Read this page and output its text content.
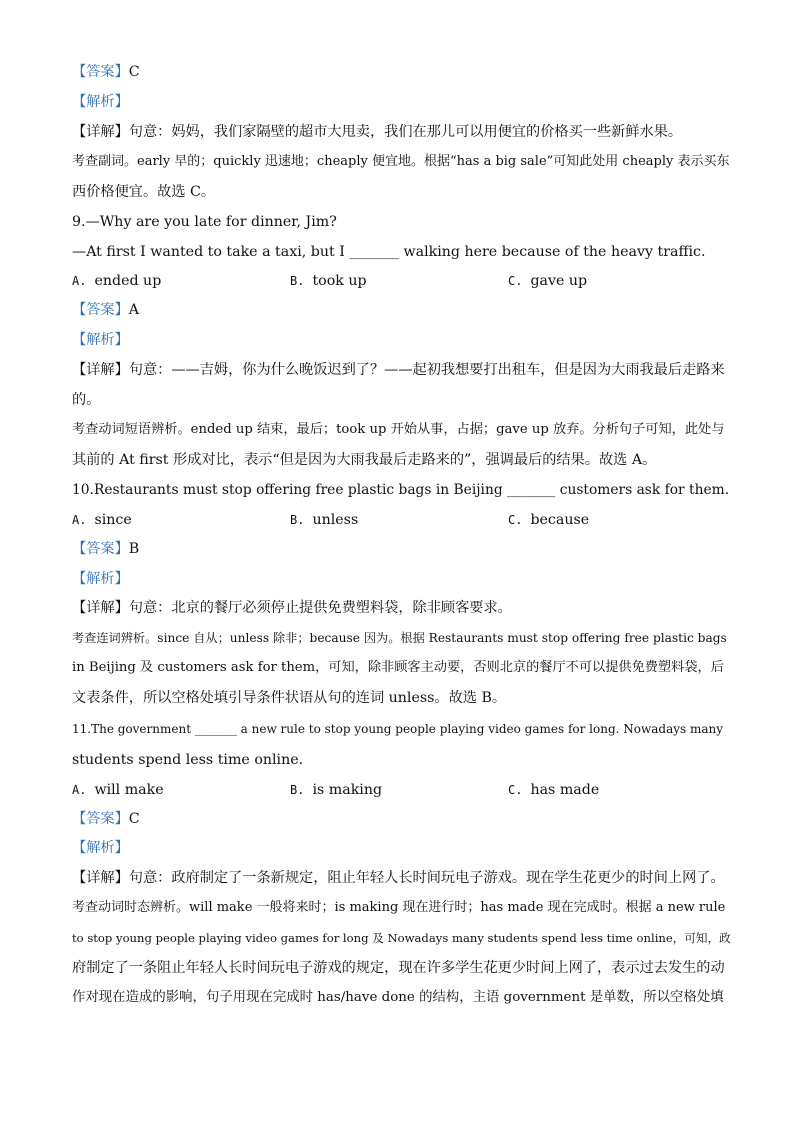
【答案】C
【解析】
【详解】句意：妈妈，我们家隔壁的超市大甩卖，我们在那儿可以用便宜的价格买一些新鲜水果。
考查副词。early 早的；quickly 迅速地；cheaply 便宜地。根据“has a big sale”可知此处用 cheaply 表示买东
西价格便宜。故选 C。
9.—Why are you late for dinner, Jim?
—At first I wanted to take a taxi, but I _______ walking here because of the heavy traffic.
A. ended up	B. took up	C. gave up
【答案】A
【解析】
【详解】句意：——吉姆，你为什么晚饭迟到了？——起初我想要打出租车，但是因为大雨我最后走路来
的。
考查动词短语辨析。ended up 结束，最后；took up 开始从事，占据；gave up 放弃。分析句子可知，此处与
其前的 At first 形成对比，表示“但是因为大雨我最后走路来的”，强调最后的结果。故选 A。
10.Restaurants must stop offering free plastic bags in Beijing _______ customers ask for them.
A. since	B. unless	C. because
【答案】B
【解析】
【详解】句意：北京的餐厅必须停止提供免费塑料袋，除非顾客要求。
考查连词辨析。since 自从；unless 除非；because 因为。根据 Restaurants must stop offering free plastic bags
in Beijing 及 customers ask for them，可知，除非顾客主动要，否则北京的餐厅不可以提供免费塑料袋，后
文表条件，所以空格处填引导条件状语从句的连词 unless。故选 B。
11.The government _______ a new rule to stop young people playing video games for long. Nowadays many
students spend less time online.
A. will make	B. is making	C. has made
【答案】C
【解析】
【详解】句意：政府制定了一条新规定，阻止年轻人长时间玩电子游戏。现在学生花更少的时间上网了。
考查动词时态辨析。will make 一般将来时；is making 现在进行时；has made 现在完成时。根据 a new rule
to stop young people playing video games for long 及 Nowadays many students spend less time online，可知，政
府制定了一条阻止年轻人长时间玩电子游戏的规定，现在许多学生花更少时间上网了，表示过去发生的动
作对现在造成的影响，句子用现在完成时 has/have done 的结构，主语 government 是单数，所以空格处填
